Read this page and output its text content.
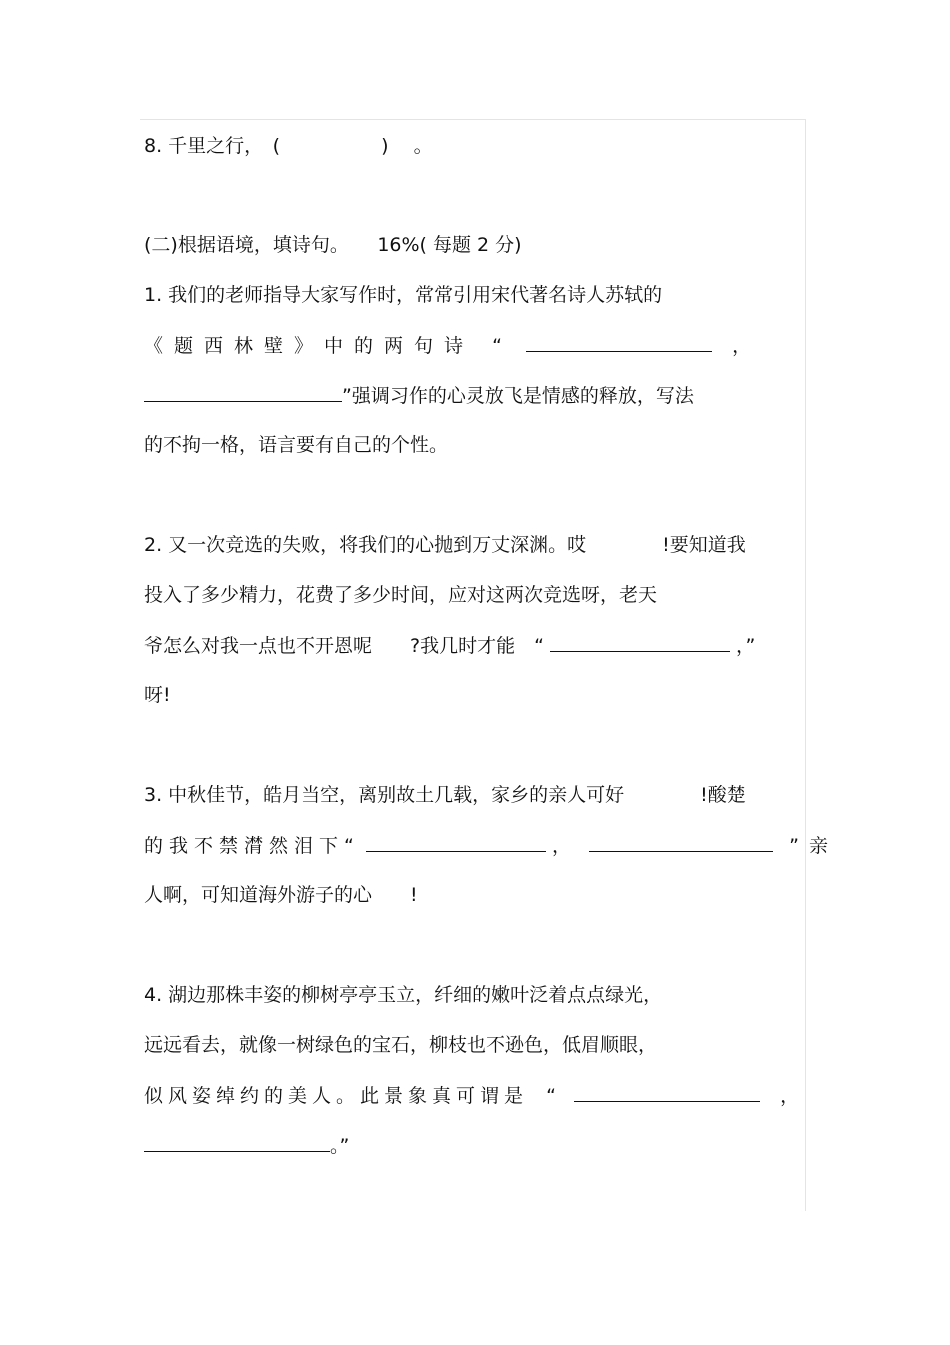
8. 千里之行，　( 　　　　　)　 。
(二)根据语境，填诗句。　　16%( 每题 2 分)
1. 我们的老师指导大家写作时，常常引用宋代著名诗人苏轼的
《题西林壁》中的两句诗 “	，
”强调习作的心灵放飞是情感的释放，写法
的不拘一格，语言要有自己的个性。
2. 又一次竞选的失败，将我们的心抛到万丈深渊。哎　　　　!要知道我
投入了多少精力，花费了多少时间，应对这两次竞选呀，老天
爷怎么对我一点也不开恩呢　　?我几时才能　“	，”
呀!
3. 中秋佳节，皓月当空，离别故土几载，家乡的亲人可好　　　　!酸楚
的我不禁潸然泪下“	，	”亲
人啊，可知道海外游子的心　　!
4. 湖边那株丰姿的柳树亭亭玉立，纤细的嫩叶泛着点点绿光，
远远看去，就像一树绿色的宝石，柳枝也不逊色，低眉顺眼，
似风姿绰约的美人。此景象真可谓是 “	，
。”
